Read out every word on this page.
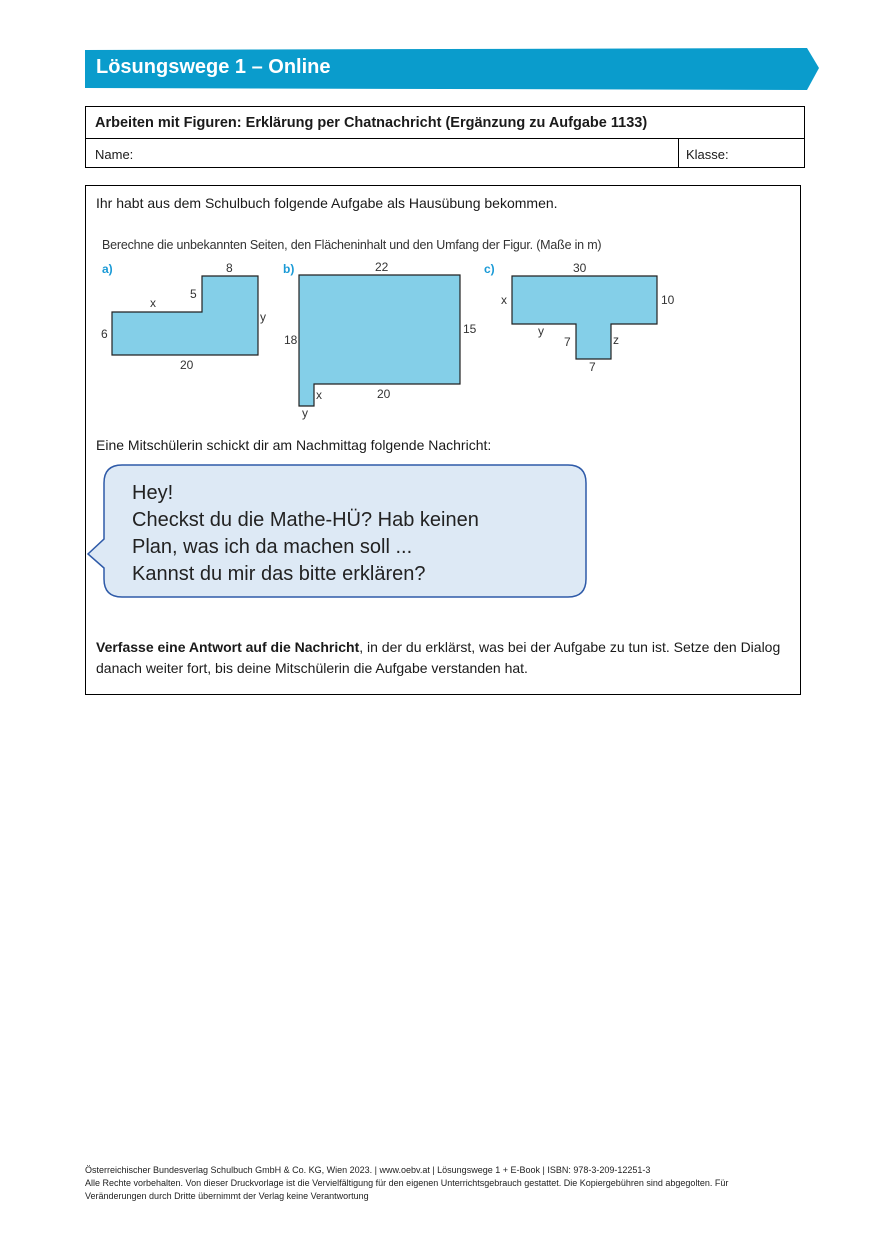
Lösungswege 1 – Online
Arbeiten mit Figuren: Erklärung per Chatnachricht (Ergänzung zu Aufgabe 1133)
Name:	Klasse:
Ihr habt aus dem Schulbuch folgende Aufgabe als Hausübung bekommen.
Berechne die unbekannten Seiten, den Flächeninhalt und den Umfang der Figur. (Maße in m)
a)	8
5
x
y
6
20
b)	22
15
18
x	20
y
c)	30
x	10
y
7	z
7
Eine Mitschülerin schickt dir am Nachmittag folgende Nachricht:
Hey!
Checkst du die Mathe-HÜ? Hab keinen
Plan, was ich da machen soll ...
Kannst du mir das bitte erklären?
Verfasse eine Antwort auf die Nachricht, in der du erklärst, was bei der Aufgabe zu tun ist. Setze den Dialog danach weiter fort, bis deine Mitschülerin die Aufgabe verstanden hat.
Österreichischer Bundesverlag Schulbuch GmbH & Co. KG, Wien 2023. | www.oebv.at | Lösungswege 1 + E-Book | ISBN: 978-3-209-12251-3
Alle Rechte vorbehalten. Von dieser Druckvorlage ist die Vervielfältigung für den eigenen Unterrichtsgebrauch gestattet. Die Kopiergebühren sind abgegolten. Für
Veränderungen durch Dritte übernimmt der Verlag keine Verantwortung
